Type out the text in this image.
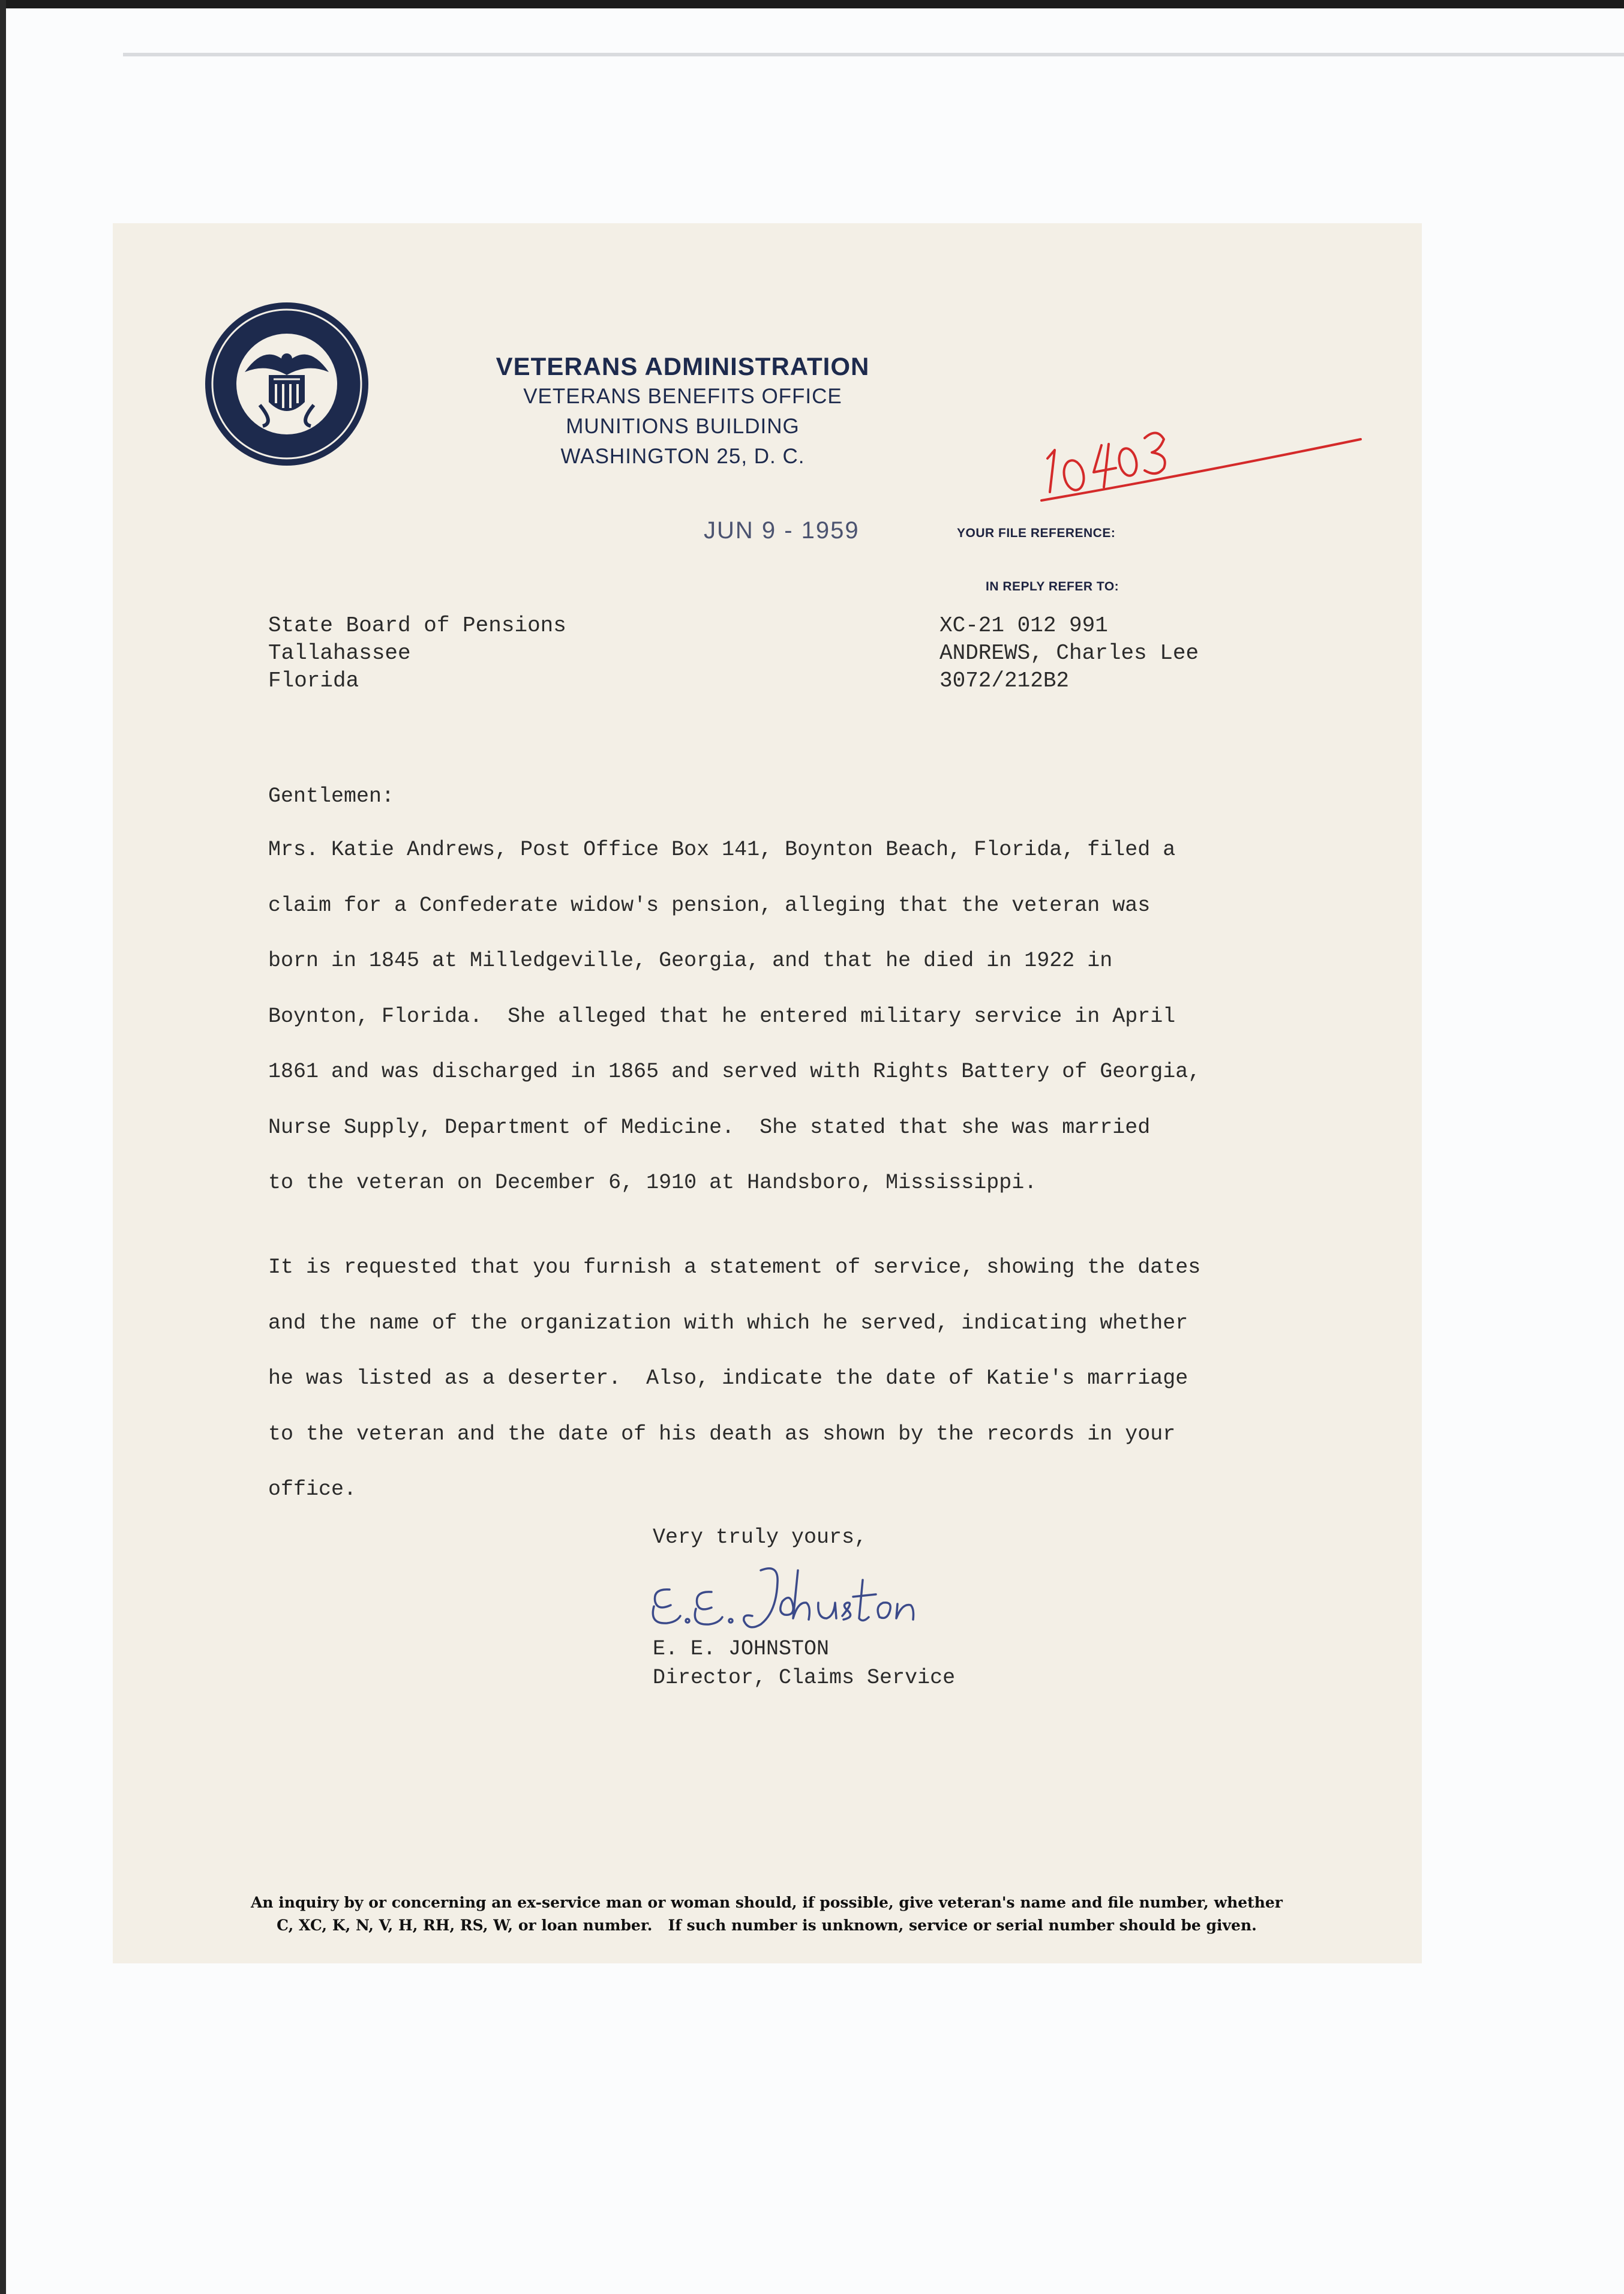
VETERANS ADMINISTRATION
VETERANS BENEFITS OFFICE
MUNITIONS BUILDING
WASHINGTON 25, D. C.
JUN 9 - 1959	YOUR FILE REFERENCE:
IN REPLY REFER TO:
State Board of Pensions
Tallahassee
Florida
XC-21 012 991
ANDREWS, Charles Lee
3072/212B2
Gentlemen:
Mrs. Katie Andrews, Post Office Box 141, Boynton Beach, Florida, filed a
claim for a Confederate widow's pension, alleging that the veteran was
born in 1845 at Milledgeville, Georgia, and that he died in 1922 in
Boynton, Florida.  She alleged that he entered military service in April
1861 and was discharged in 1865 and served with Rights Battery of Georgia,
Nurse Supply, Department of Medicine.  She stated that she was married
to the veteran on December 6, 1910 at Handsboro, Mississippi.
It is requested that you furnish a statement of service, showing the dates
and the name of the organization with which he served, indicating whether
he was listed as a deserter.  Also, indicate the date of Katie's marriage
to the veteran and the date of his death as shown by the records in your
office.
Very truly yours,
E. E. JOHNSTON
Director, Claims Service
An inquiry by or concerning an ex-service man or woman should, if possible, give veteran's name and file number, whether
C, XC, K, N, V, H, RH, RS, W, or loan number.   If such number is unknown, service or serial number should be given.
